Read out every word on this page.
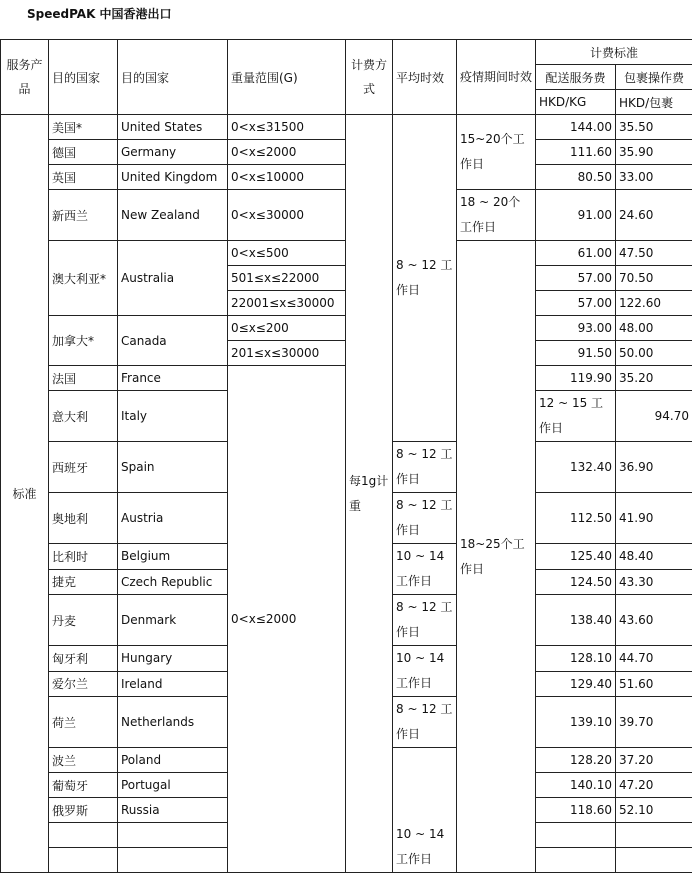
SpeedPAK 中国香港出口
服务产品	目的国家	目的国家	重量范围(G)	计费方式	平均时效	疫情期间时效	计费标准		
							配送服务费	包裹操作费	
							HKD/KG	HKD/包裹	
标准	美国*	United States	0<x≤31500	每1g计重	8 ~ 12 工作日	15~20个工作日	144.00	35.50	
	德国	Germany	0<x≤2000				111.60	35.90	
	英国	United Kingdom	0<x≤10000				80.50	33.00	
	新西兰	New Zealand	0<x≤30000			18 ~ 20个工作日	91.00	24.60	
	澳大利亚*	Australia	0<x≤500			18~25个工作日	61.00	47.50	
			501≤x≤22000				57.00	70.50	
			22001≤x≤30000				57.00	122.60	
	加拿大*	Canada	0≤x≤200				93.00	48.00	
			201≤x≤30000				91.50	50.00	
	法国	France	0<x≤2000				119.90	35.20	
	意大利	Italy					12 ~ 15 工作日	94.70	
	西班牙	Spain			8 ~ 12 工作日		132.40	36.90	
	奥地利	Austria			8 ~ 12 工作日		112.50	41.90	
	比利时	Belgium			10 ~ 14 工作日		125.40	48.40	
	捷克	Czech Republic					124.50	43.30	
	丹麦	Denmark			8 ~ 12 工作日		138.40	43.60	
	匈牙利	Hungary			10 ~ 14 工作日		128.10	44.70	
	爱尔兰	Ireland					129.40	51.60	
	荷兰	Netherlands			8 ~ 12 工作日		139.10	39.70	
	波兰	Poland			10 ~ 14 工作日		128.20	37.20	
	葡萄牙	Portugal					140.10	47.20	
	俄罗斯	Russia					118.60	52.10	
